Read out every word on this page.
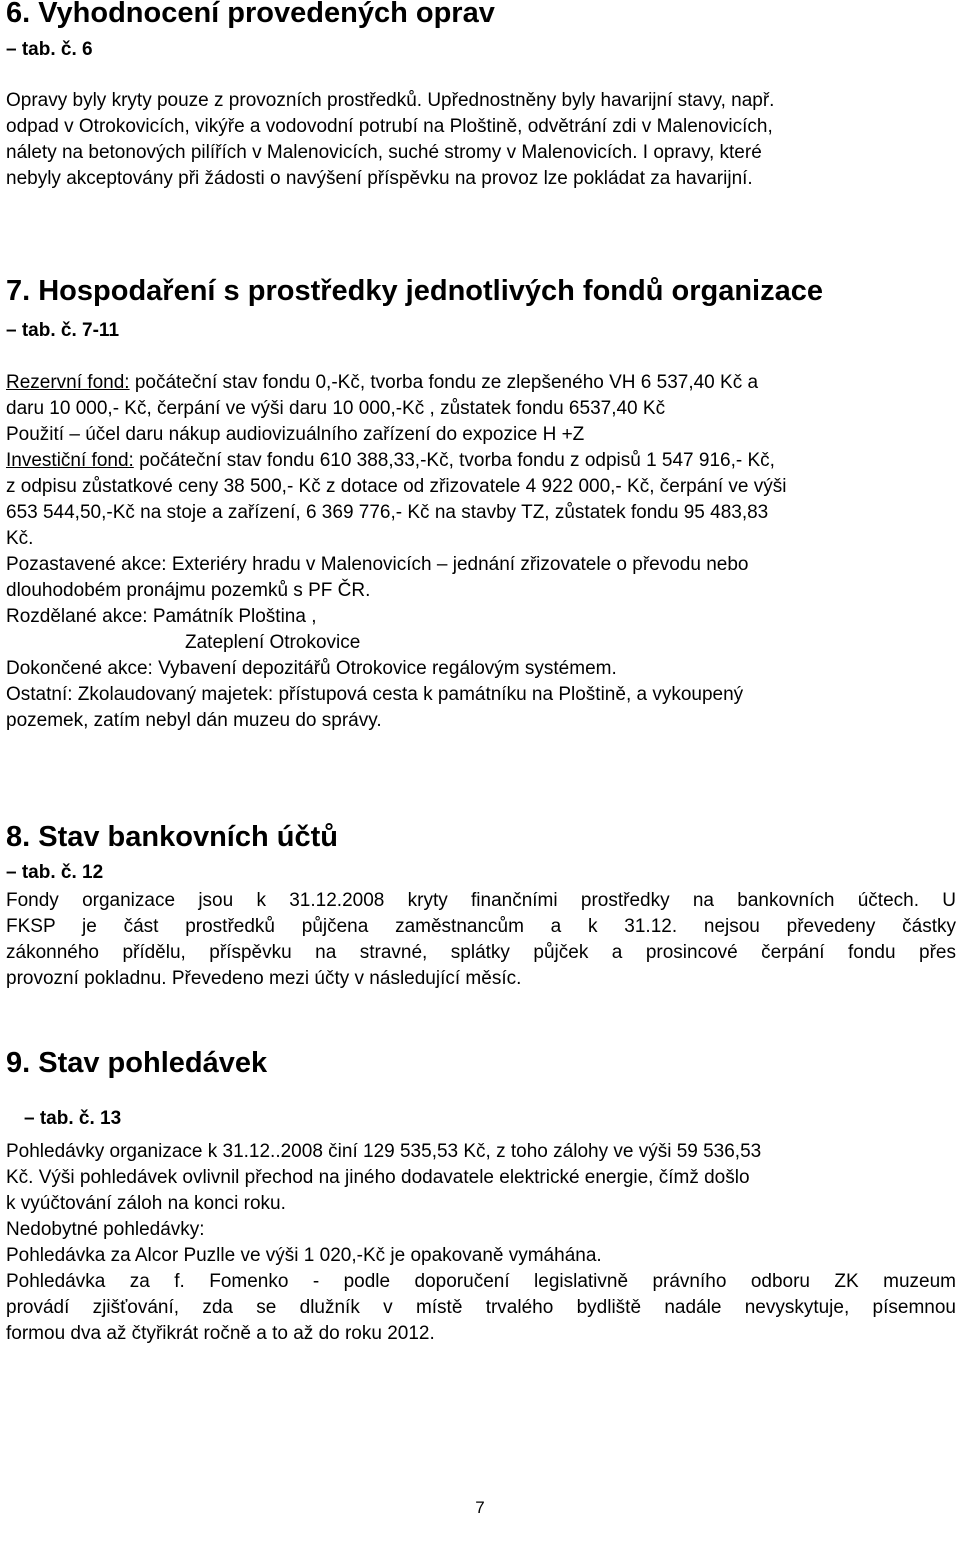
6. Vyhodnocení provedených oprav
– tab. č. 6
Opravy byly kryty pouze z provozních prostředků. Upřednostněny byly havarijní stavy, např.
odpad v Otrokovicích, vikýře a vodovodní potrubí na Ploštině, odvětrání zdi v Malenovicích,
nálety na betonových pilířích v Malenovicích, suché stromy v Malenovicích. I opravy, které
nebyly akceptovány při žádosti o navýšení příspěvku na provoz lze pokládat za havarijní.
7. Hospodaření s prostředky jednotlivých fondů organizace
– tab. č. 7-11
Rezervní fond: počáteční stav fondu 0,-Kč, tvorba fondu ze zlepšeného VH 6 537,40 Kč a
daru 10 000,- Kč, čerpání ve výši daru 10 000,-Kč , zůstatek fondu 6537,40 Kč
Použití – účel daru nákup audiovizuálního zařízení do expozice H +Z
Investiční fond: počáteční stav fondu 610 388,33,-Kč, tvorba fondu z odpisů 1 547 916,- Kč,
z odpisu zůstatkové ceny 38 500,- Kč z dotace od zřizovatele 4 922 000,- Kč, čerpání ve výši
653 544,50,-Kč na stoje a zařízení, 6 369 776,- Kč na stavby TZ, zůstatek fondu 95 483,83
Kč.
Pozastavené akce: Exteriéry hradu v Malenovicích – jednání zřizovatele o převodu nebo
dlouhodobém pronájmu pozemků s PF ČR.
Rozdělané akce: Památník Ploština ,
Zateplení Otrokovice
Dokončené akce: Vybavení depozitářů Otrokovice regálovým systémem.
Ostatní: Zkolaudovaný majetek: přístupová cesta k památníku na Ploštině, a vykoupený
pozemek, zatím nebyl dán muzeu do správy.
8. Stav bankovních účtů
– tab. č. 12
Fondy organizace jsou k 31.12.2008 kryty finančními prostředky na bankovních účtech. U
FKSP je část prostředků půjčena zaměstnancům a k 31.12. nejsou převedeny částky
zákonného přídělu, příspěvku na stravné, splátky půjček a prosincové čerpání fondu přes
provozní pokladnu. Převedeno mezi účty v následující měsíc.
9. Stav pohledávek
– tab. č. 13
Pohledávky organizace k 31.12..2008 činí 129 535,53 Kč, z toho zálohy ve výši 59 536,53
Kč. Výši pohledávek ovlivnil přechod na jiného dodavatele elektrické energie, čímž došlo
k vyúčtování záloh na konci roku.
Nedobytné pohledávky:
Pohledávka za Alcor Puzlle ve výši 1 020,-Kč je opakovaně vymáhána.
Pohledávka za f. Fomenko - podle doporučení legislativně právního odboru ZK muzeum
provádí zjišťování, zda se dlužník v místě trvalého bydliště nadále nevyskytuje, písemnou
formou dva až čtyřikrát ročně a to až do roku 2012.
7
